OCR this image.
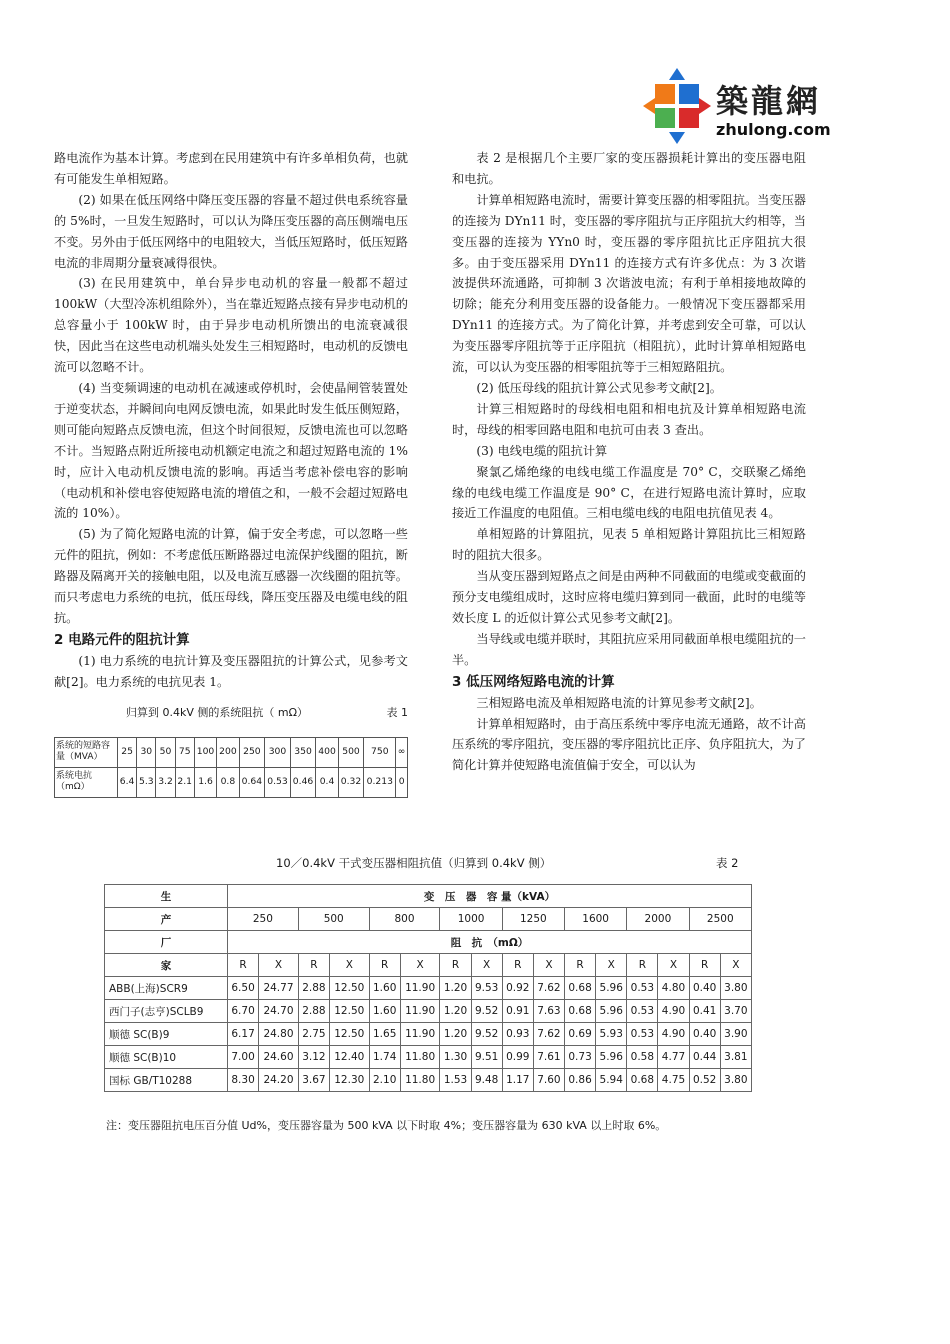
築龍網
zhulong.com

路电流作为基本计算。考虑到在民用建筑中有许多单相负荷，也就有可能发生单相短路。

(2) 如果在低压网络中降压变压器的容量不超过供电系统容量的 5%时，一旦发生短路时，可以认为降压变压器的高压侧端电压不变。另外由于低压网络中的电阻较大，当低压短路时，低压短路电流的非周期分量衰减得很快。

(3) 在民用建筑中，单台异步电动机的容量一般都不超过 100kW（大型冷冻机组除外），当在靠近短路点接有异步电动机的总容量小于 100kW 时，由于异步电动机所馈出的电流衰减很快，因此当在这些电动机端头处发生三相短路时，电动机的反馈电流可以忽略不计。

(4) 当变频调速的电动机在减速或停机时，会使晶闸管装置处于逆变状态，并瞬间向电网反馈电流，如果此时发生低压侧短路，则可能向短路点反馈电流，但这个时间很短，反馈电流也可以忽略不计。当短路点附近所接电动机额定电流之和超过短路电流的 1%时，应计入电动机反馈电流的影响。再适当考虑补偿电容的影响（电动机和补偿电容使短路电流的增值之和，一般不会超过短路电流的 10%）。

(5) 为了简化短路电流的计算，偏于安全考虑，可以忽略一些元件的阻抗，例如：不考虑低压断路器过电流保护线圈的阻抗，断路器及隔离开关的接触电阻，以及电流互感器一次线圈的阻抗等。而只考虑电力系统的电抗，低压母线，降压变压器及电缆电线的阻抗。

2 电路元件的阻抗计算

(1) 电力系统的电抗计算及变压器阻抗的计算公式，见参考文献[2]。电力系统的电抗见表 1。

归算到 0.4kV 侧的系统阻抗（ mΩ）	表 1
系统的短路容量（MVA）	25	30	50	75	100	200	250	300	350	400	500	750	∞
系统电抗（mΩ）	6.4	5.3	3.2	2.1	1.6	0.8	0.64	0.53	0.46	0.4	0.32	0.213	0

表 2 是根据几个主要厂家的变压器损耗计算出的变压器电阻和电抗。

计算单相短路电流时，需要计算变压器的相零阻抗。当变压器的连接为 DYn11 时，变压器的零序阻抗与正序阻抗大约相等，当变压器的连接为 YYn0 时，变压器的零序阻抗比正序阻抗大很多。由于变压器采用 DYn11 的连接方式有许多优点：为 3 次谐波提供环流通路，可抑制 3 次谐波电流；有利于单相接地故障的切除；能充分利用变压器的设备能力。一般情况下变压器都采用 DYn11 的连接方式。为了简化计算，并考虑到安全可靠，可以认为变压器零序阻抗等于正序阻抗（相阻抗），此时计算单相短路电流，可以认为变压器的相零阻抗等于三相短路阻抗。

(2) 低压母线的阻抗计算公式见参考文献[2]。

计算三相短路时的母线相电阻和相电抗及计算单相短路电流时，母线的相零回路电阻和电抗可由表 3 查出。

(3) 电线电缆的阻抗计算

聚氯乙烯绝缘的电线电缆工作温度是 70° C，交联聚乙烯绝缘的电线电缆工作温度是 90° C，在进行短路电流计算时，应取接近工作温度的电阻值。三相电缆电线的电阻电抗值见表 4。

单相短路的计算阻抗，见表 5 单相短路计算阻抗比三相短路时的阻抗大很多。

当从变压器到短路点之间是由两种不同截面的电缆或变截面的预分支电缆组成时，这时应将电缆归算到同一截面，此时的电缆等效长度 L 的近似计算公式见参考文献[2]。

当导线或电缆并联时，其阻抗应采用同截面单根电缆阻抗的一半。

3 低压网络短路电流的计算

三相短路电流及单相短路电流的计算见参考文献[2]。

计算单相短路时，由于高压系统中零序电流无通路，故不计高压系统的零序阻抗，变压器的零序阻抗比正序、负序阻抗大，为了简化计算并使短路电流值偏于安全，可以认为

10／0.4kV 干式变压器相阻抗值（归算到 0.4kV 侧）	表 2
生	变　压　器　容 量（kVA）															
产	250		500		800		1000		1250		1600		2000		2500	
厂	阻　抗　（mΩ）															
家	R	X	R	X	R	X	R	X	R	X	R	X	R	X	R	X
ABB(上海)SCR9	6.50	24.77	2.88	12.50	1.60	11.90	1.20	9.53	0.92	7.62	0.68	5.96	0.53	4.80	0.40	3.80
西门子(志亨)SCLB9	6.70	24.70	2.88	12.50	1.60	11.90	1.20	9.52	0.91	7.63	0.68	5.96	0.53	4.90	0.41	3.70
顺德 SC(B)9	6.17	24.80	2.75	12.50	1.65	11.90	1.20	9.52	0.93	7.62	0.69	5.93	0.53	4.90	0.40	3.90
顺德 SC(B)10	7.00	24.60	3.12	12.40	1.74	11.80	1.30	9.51	0.99	7.61	0.73	5.96	0.58	4.77	0.44	3.81
国标 GB/T10288	8.30	24.20	3.67	12.30	2.10	11.80	1.53	9.48	1.17	7.60	0.86	5.94	0.68	4.75	0.52	3.80
注：变压器阻抗电压百分值 Ud%，变压器容量为 500 kVA 以下时取 4%；变压器容量为 630 kVA 以上时取 6%。
